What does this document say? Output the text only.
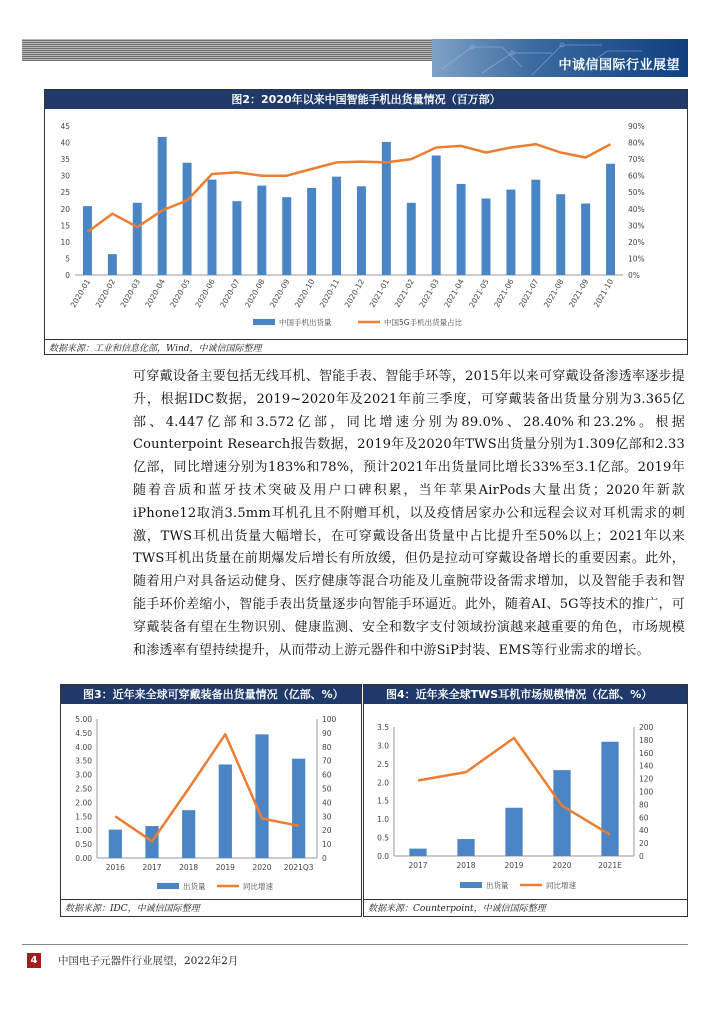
中诚信国际行业展望
图2：2020年以来中国智能手机出货量情况（百万部）
0
5
10
15
20
25
30
35
40
45
0%
10%
20%
30%
40%
50%
60%
70%
80%
90%
2020-01 2020-02 2020-03 2020-04 2020-05 2020-06 2020-07 2020-08 2020-09 2020-10 2020-11 2020-12 2021-01 2021-02 2021-03 2021-04 2021-05 2021-06 2021-07 2021-08 2021-09 2021-10
中国手机出货量	中国5G手机出货量占比
数据来源：工业和信息化部，Wind，中诚信国际整理
可穿戴设备主要包括无线耳机、智能手表、智能手环等，2015年以来可穿戴设备渗透率逐步提升，根据IDC数据，2019~2020年及2021年前三季度，可穿戴装备出货量分别为3.365亿部、4.447亿部和3.572亿部，同比增速分别为89.0%、28.40%和23.2%。根据Counterpoint Research报告数据，2019年及2020年TWS出货量分别为1.309亿部和2.33亿部，同比增速分别为183%和78%，预计2021年出货量同比增长33%至3.1亿部。2019年随着音质和蓝牙技术突破及用户口碑积累，当年苹果AirPods大量出货；2020年新款iPhone12取消3.5mm耳机孔且不附赠耳机，以及疫情居家办公和远程会议对耳机需求的刺激，TWS耳机出货量大幅增长，在可穿戴设备出货量中占比提升至50%以上；2021年以来TWS耳机出货量在前期爆发后增长有所放缓，但仍是拉动可穿戴设备增长的重要因素。此外，随着用户对具备运动健身、医疗健康等混合功能及儿童腕带设备需求增加，以及智能手表和智能手环价差缩小，智能手表出货量逐步向智能手环逼近。此外，随着AI、5G等技术的推广，可穿戴装备有望在生物识别、健康监测、安全和数字支付领域扮演越来越重要的角色，市场规模和渗透率有望持续提升，从而带动上游元器件和中游SiP封装、EMS等行业需求的增长。
图3：近年来全球可穿戴装备出货量情况（亿部、%）
0.00
0.50
1.00
1.50
2.00
2.50
3.00
3.50
4.00
4.50
5.00
0
10
20
30
40
50
60
70
80
90
100
2016 2017 2018 2019 2020 2021Q3
出货量	同比增速
数据来源：IDC，中诚信国际整理
图4：近年来全球TWS耳机市场规模情况（亿部、%）
0.0
0.5
1.0
1.5
2.0
2.5
3.0
3.5
0
20
40
60
80
100
120
140
160
180
200
2017	2018	2019	2020	2021E
出货量	同比增速
数据来源：Counterpoint，中诚信国际整理
4	中国电子元器件行业展望，2022年2月
